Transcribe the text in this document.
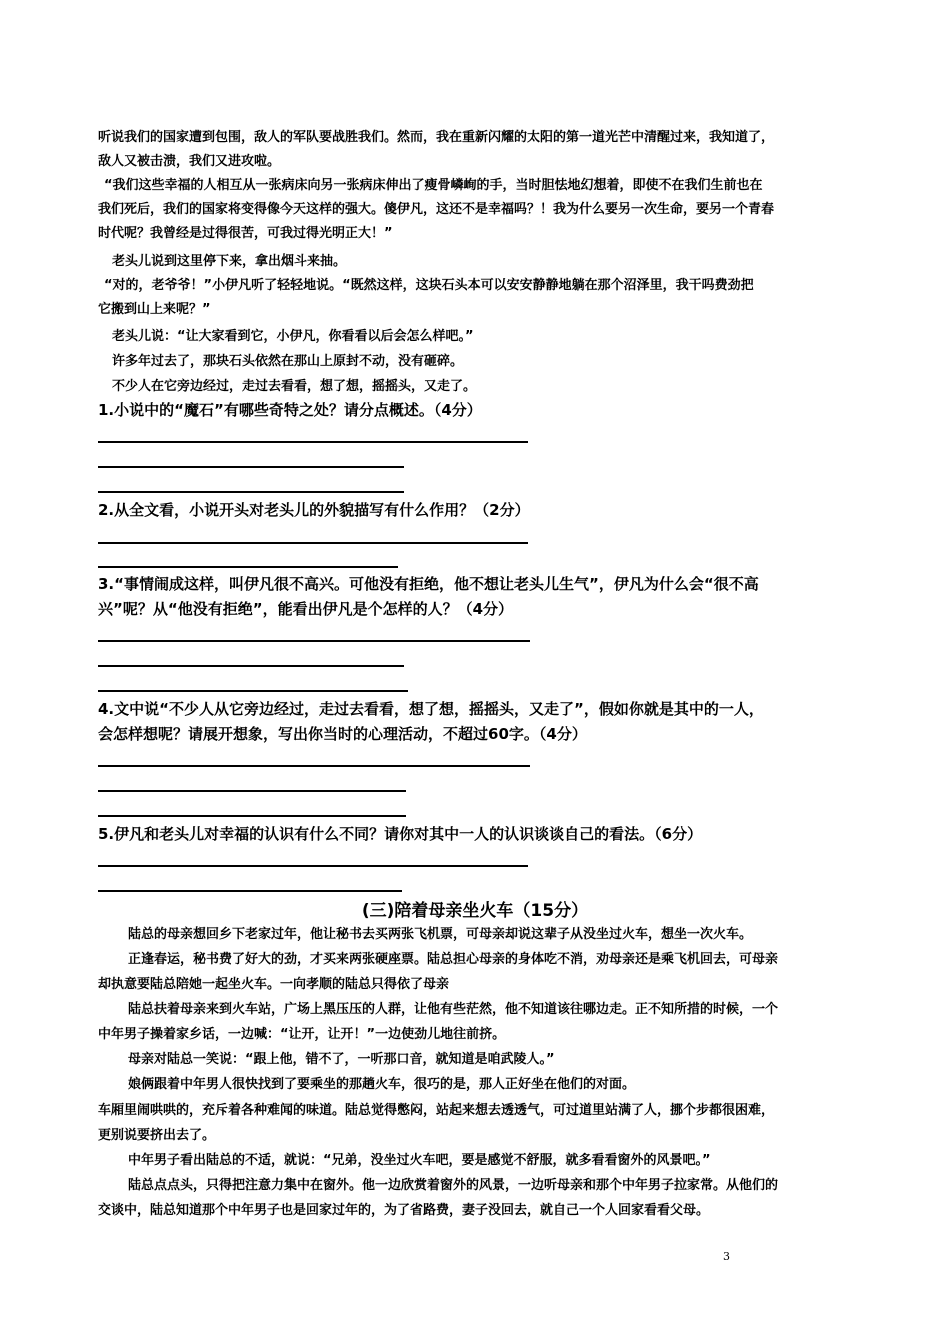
听说我们的国家遭到包围，敌人的军队要战胜我们。然而，我在重新闪耀的太阳的第一道光芒中清醒过来，我知道了，
敌人又被击溃，我们又进攻啦。
“我们这些幸福的人相互从一张病床向另一张病床伸出了瘦骨嶙峋的手，当时胆怯地幻想着，即使不在我们生前也在
我们死后，我们的国家将变得像今天这样的强大。傻伊凡，这还不是幸福吗？！我为什么要另一次生命，要另一个青春
时代呢？我曾经是过得很苦，可我过得光明正大！”
老头儿说到这里停下来，拿出烟斗来抽。
“对的，老爷爷！”小伊凡听了轻轻地说。“既然这样，这块石头本可以安安静静地躺在那个沼泽里，我干吗费劲把
它搬到山上来呢？”
老头儿说：“让大家看到它，小伊凡，你看看以后会怎么样吧。”
许多年过去了，那块石头依然在那山上原封不动，没有砸碎。
不少人在它旁边经过，走过去看看，想了想，摇摇头，又走了。
1.小说中的“魔石”有哪些奇特之处？请分点概述。（4分）
2.从全文看，小说开头对老头儿的外貌描写有什么作用？（2分）
3.“事情闹成这样，叫伊凡很不高兴。可他没有拒绝，他不想让老头儿生气”，伊凡为什么会“很不高
兴”呢？从“他没有拒绝”，能看出伊凡是个怎样的人？（4分）
4.文中说“不少人从它旁边经过，走过去看看，想了想，摇摇头，又走了”，假如你就是其中的一人，
会怎样想呢？请展开想象，写出你当时的心理活动，不超过60字。（4分）
5.伊凡和老头儿对幸福的认识有什么不同？请你对其中一人的认识谈谈自己的看法。（6分）
(三)陪着母亲坐火车（15分）
陆总的母亲想回乡下老家过年，他让秘书去买两张飞机票，可母亲却说这辈子从没坐过火车，想坐一次火车。
正逢春运，秘书费了好大的劲，才买来两张硬座票。陆总担心母亲的身体吃不消，劝母亲还是乘飞机回去，可母亲
却执意要陆总陪她一起坐火车。一向孝顺的陆总只得依了母亲
陆总扶着母亲来到火车站，广场上黑压压的人群，让他有些茫然，他不知道该往哪边走。正不知所措的时候，一个
中年男子操着家乡话，一边喊：“让开，让开！”一边使劲儿地往前挤。
母亲对陆总一笑说：“跟上他，错不了，一听那口音，就知道是咱武陵人。”
娘俩跟着中年男人很快找到了要乘坐的那趟火车，很巧的是，那人正好坐在他们的对面。
车厢里闹哄哄的，充斥着各种难闻的味道。陆总觉得憋闷，站起来想去透透气，可过道里站满了人，挪个步都很困难，
更别说要挤出去了。
中年男子看出陆总的不适，就说：“兄弟，没坐过火车吧，要是感觉不舒服，就多看看窗外的风景吧。”
陆总点点头，只得把注意力集中在窗外。他一边欣赏着窗外的风景，一边听母亲和那个中年男子拉家常。从他们的
交谈中，陆总知道那个中年男子也是回家过年的，为了省路费，妻子没回去，就自己一个人回家看看父母。
3
